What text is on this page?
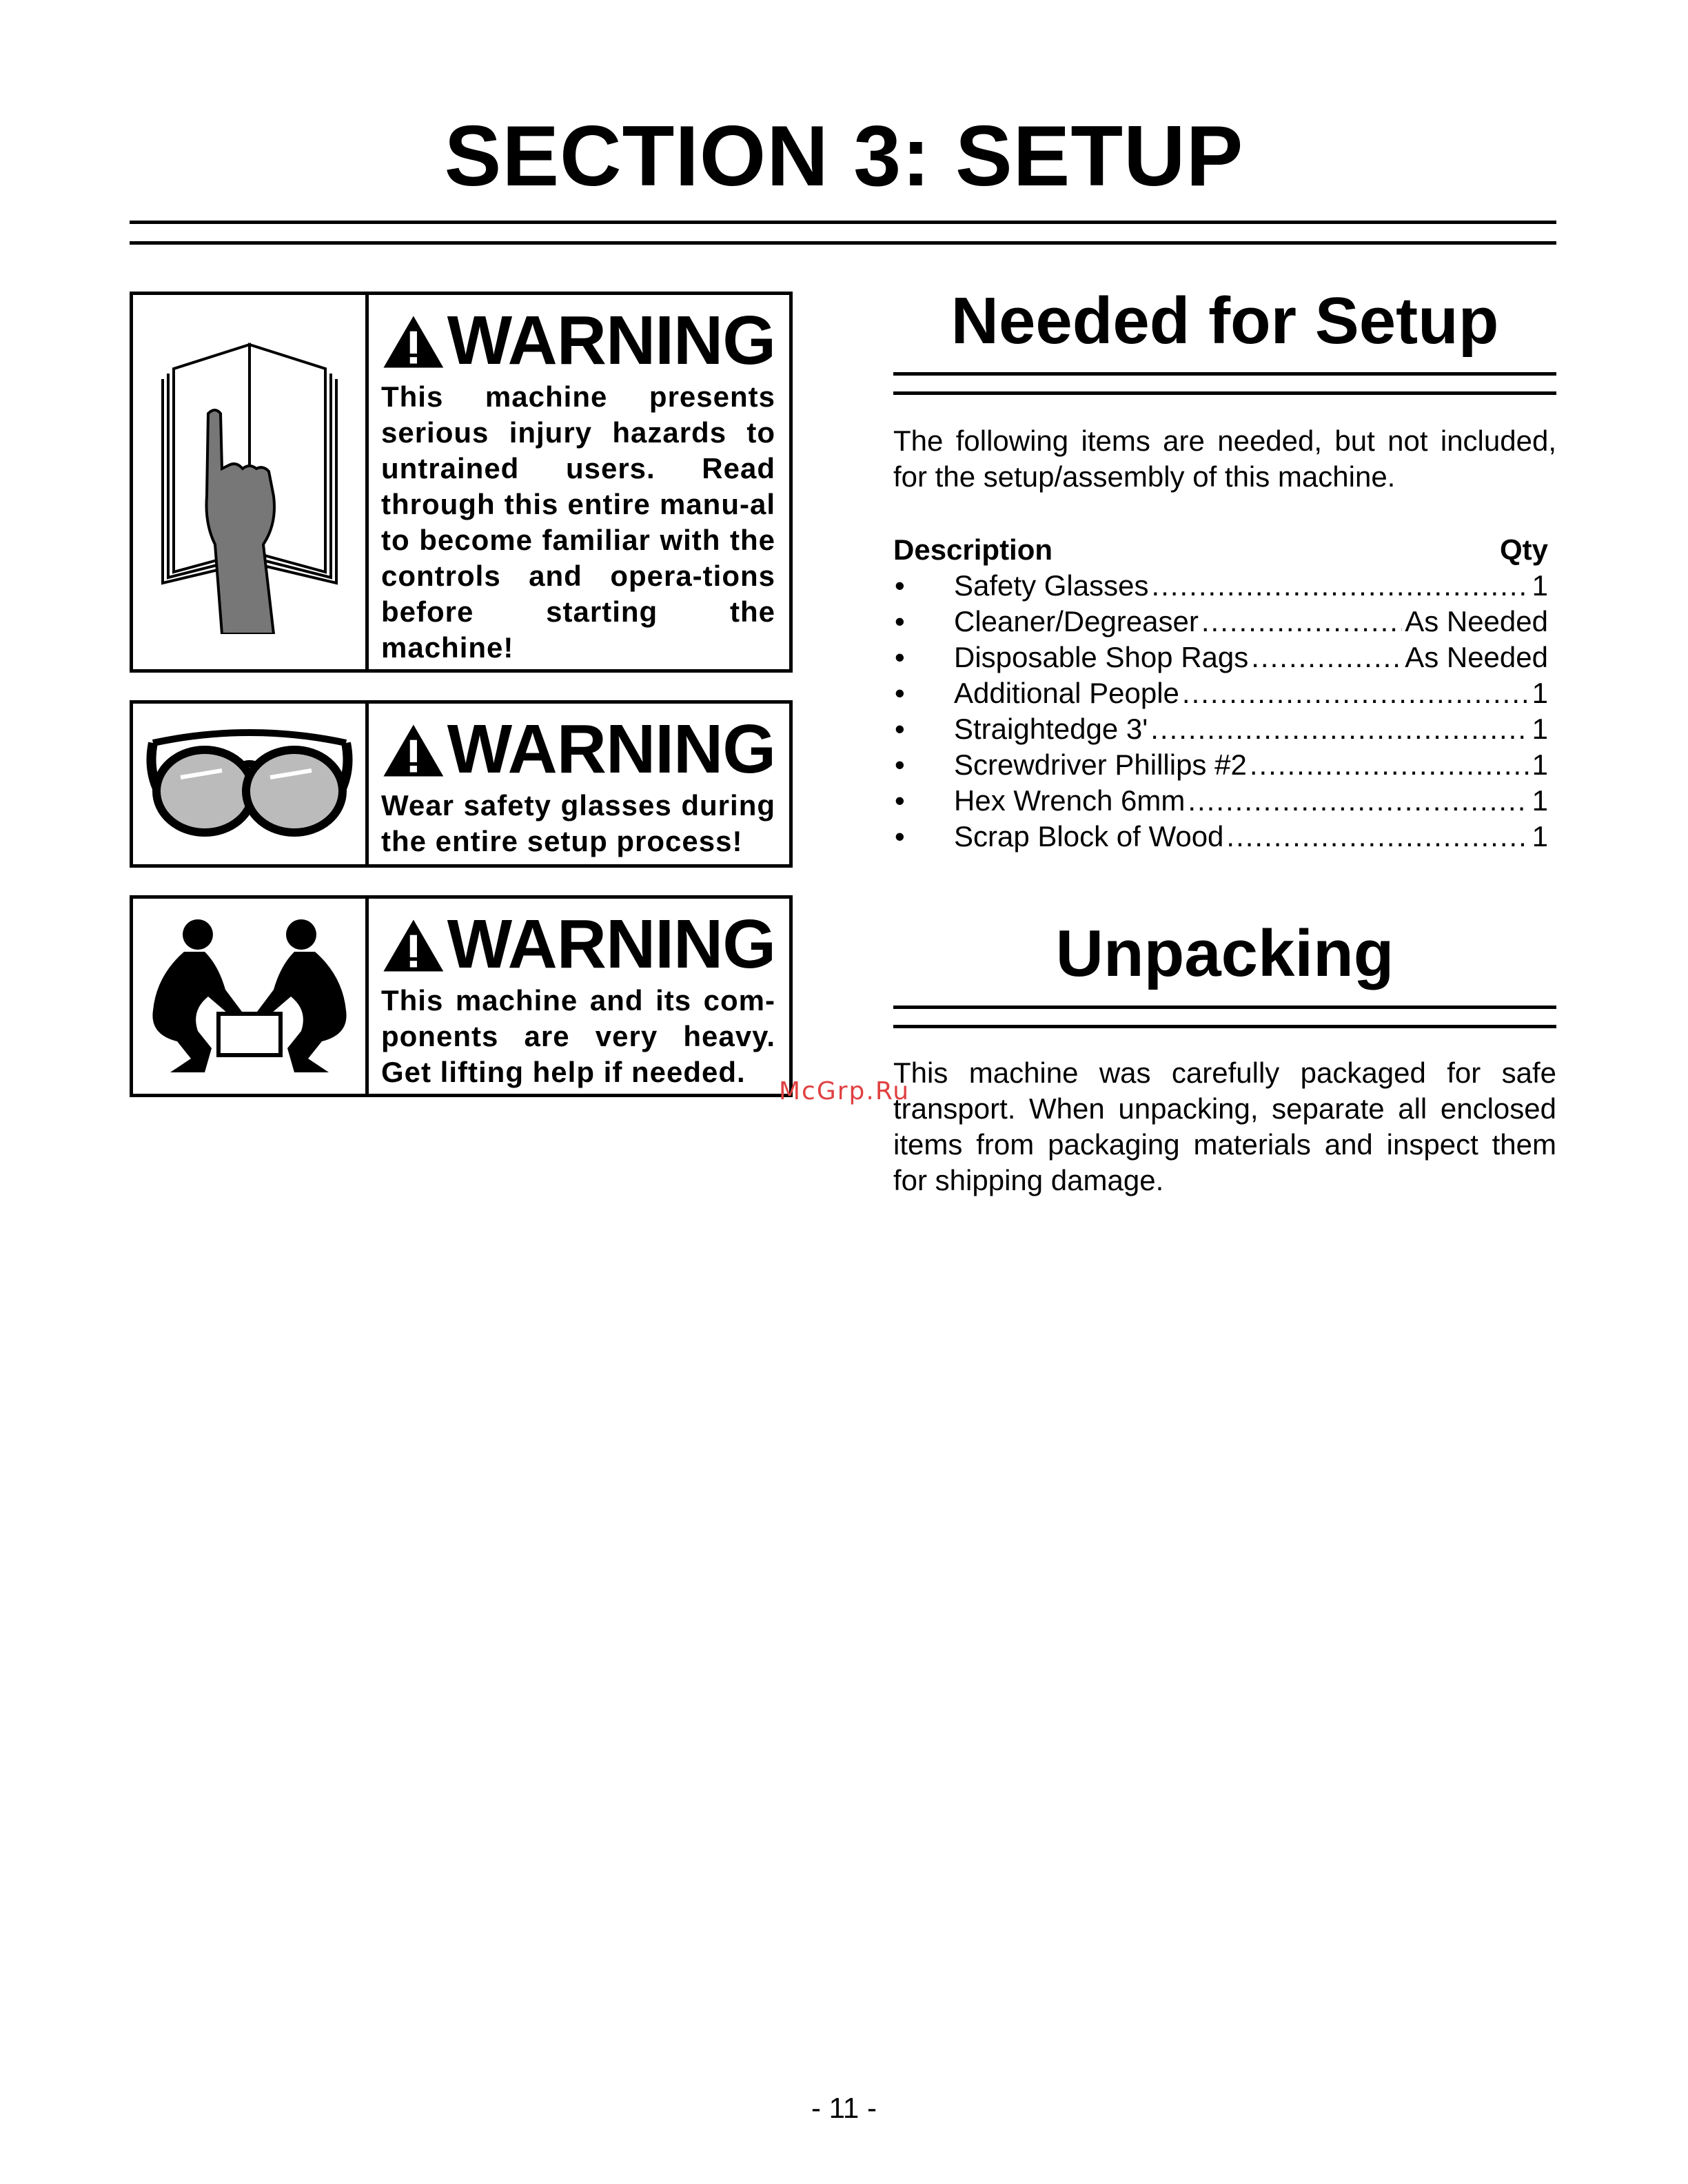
SECTION 3: SETUP
WARNING
This machine presents serious injury hazards to untrained users. Read through this entire manu-al to become familiar with the controls and opera-tions before starting the machine!
WARNING
Wear safety glasses during the entire setup process!
WARNING
This machine and its com-ponents are very heavy. Get lifting help if needed.
Needed for Setup
The following items are needed, but not included, for the setup/assembly of this machine.
Description	Qty
•	Safety Glasses .....	1
•	Cleaner/Degreaser .....	As Needed
•	Disposable Shop Rags .....	As Needed
•	Additional People .....	1
•	Straightedge 3' .....	1
•	Screwdriver Phillips #2 .....	1
•	Hex Wrench 6mm .....	1
•	Scrap Block of Wood .....	1
Unpacking
This machine was carefully packaged for safe transport. When unpacking, separate all enclosed items from packaging materials and inspect them for shipping damage.
McGrp.Ru
- 11 -
